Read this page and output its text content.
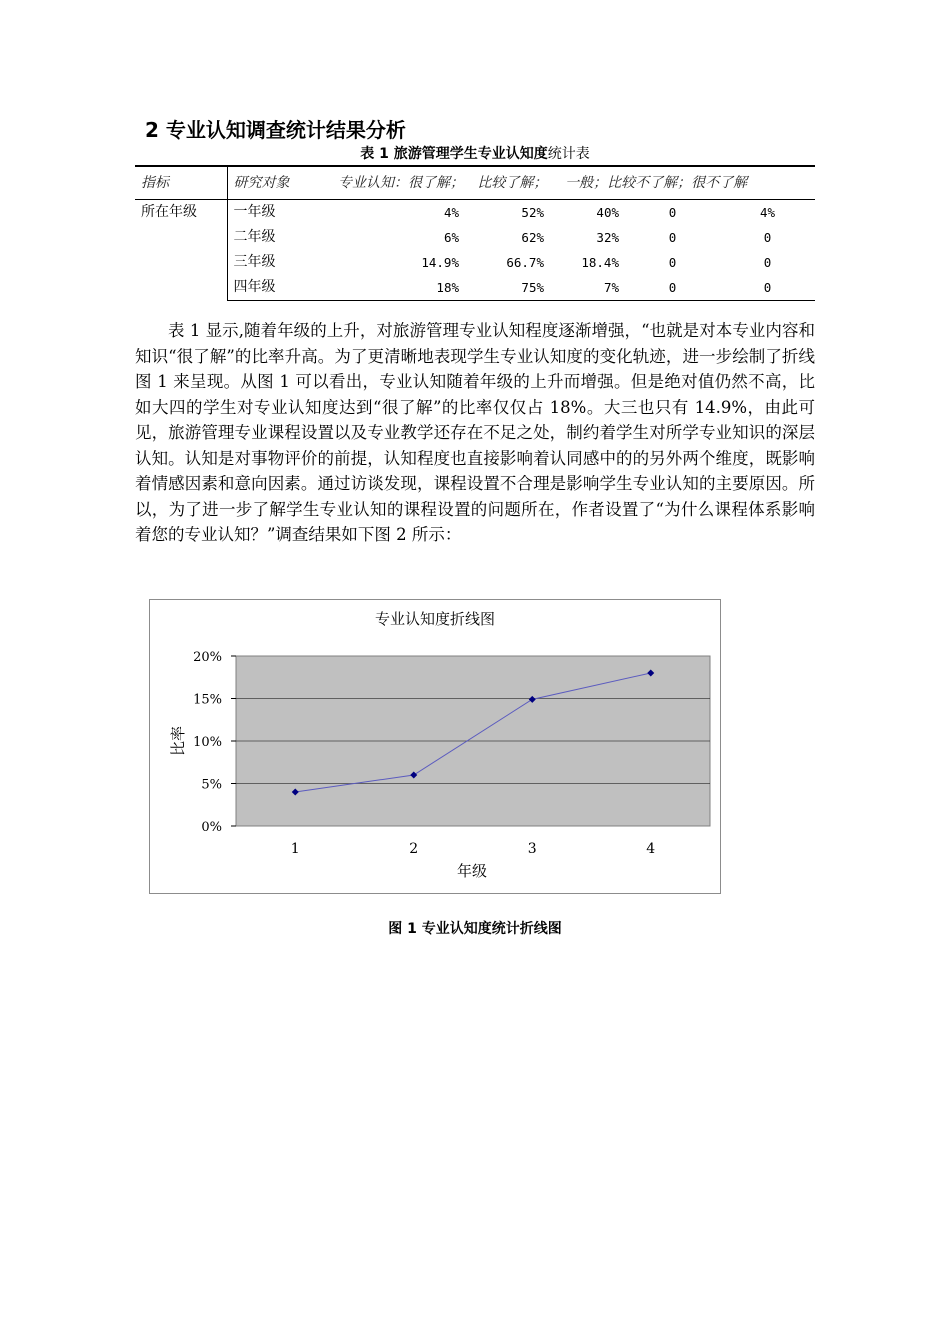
2 专业认知调查统计结果分析
表 1 旅游管理学生专业认知度统计表
指标	研究对象	专业认知：很了解； 比较了解； 一般；比较不了解；很不了解				
所在年级	一年级	4%	52%	40%	0	4%
	二年级	6%	62%	32%	0	0
	三年级	14.9%	66.7%	18.4%	0	0
	四年级	18%	75%	7%	0	0

表 1 显示,随着年级的上升，对旅游管理专业认知程度逐渐增强，“也就是对本专业内容和知识“很了解”的比率升高。为了更清晰地表现学生专业认知度的变化轨迹，进一步绘制了折线图 1 来呈现。从图 1 可以看出，专业认知随着年级的上升而增强。但是绝对值仍然不高，比如大四的学生对专业认知度达到“很了解”的比率仅仅占 18%。大三也只有 14.9%，由此可见，旅游管理专业课程设置以及专业教学还存在不足之处，制约着学生对所学专业知识的深层认知。认知是对事物评价的前提，认知程度也直接影响着认同感中的的另外两个维度，既影响着情感因素和意向因素。通过访谈发现，课程设置不合理是影响学生专业认知的主要原因。所以，为了进一步了解学生专业认知的课程设置的问题所在，作者设置了“为什么课程体系影响着您的专业认知？”调查结果如下图 2 所示：

专业认知度折线图
0%
5%
10%
15%
20%
1	2	3	4
年级
比率
图 1 专业认知度统计折线图
